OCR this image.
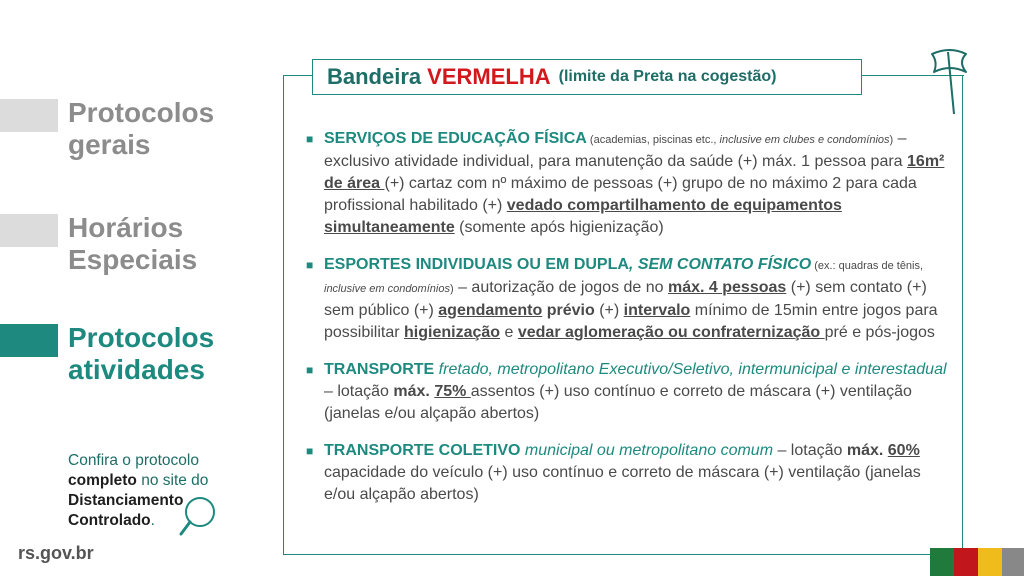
Protocolos
gerais
Horários
Especiais
Protocolos
atividades
Confira o protocolo
completo no site do
Distanciamento
Controlado.
rs.gov.br
Bandeira VERMELHA (limite da Preta na cogestão)
■ SERVIÇOS DE EDUCAÇÃO FÍSICA (academias, piscinas etc., inclusive em clubes e condomínios) – exclusivo atividade individual, para manutenção da saúde (+) máx. 1 pessoa para 16m² de área (+) cartaz com nº máximo de pessoas (+) grupo de no máximo 2 para cada profissional habilitado (+) vedado compartilhamento de equipamentos simultaneamente (somente após higienização)
■ ESPORTES INDIVIDUAIS OU EM DUPLA, SEM CONTATO FÍSICO (ex.: quadras de tênis, inclusive em condomínios) – autorização de jogos de no máx. 4 pessoas (+) sem contato (+) sem público (+) agendamento prévio (+) intervalo mínimo de 15min entre jogos para possibilitar higienização e vedar aglomeração ou confraternização pré e pós-jogos
■ TRANSPORTE fretado, metropolitano Executivo/Seletivo, intermunicipal e interestadual – lotação máx. 75% assentos (+) uso contínuo e correto de máscara (+) ventilação (janelas e/ou alçapão abertos)
■ TRANSPORTE COLETIVO municipal ou metropolitano comum – lotação máx. 60% capacidade do veículo (+) uso contínuo e correto de máscara (+) ventilação (janelas e/ou alçapão abertos)
